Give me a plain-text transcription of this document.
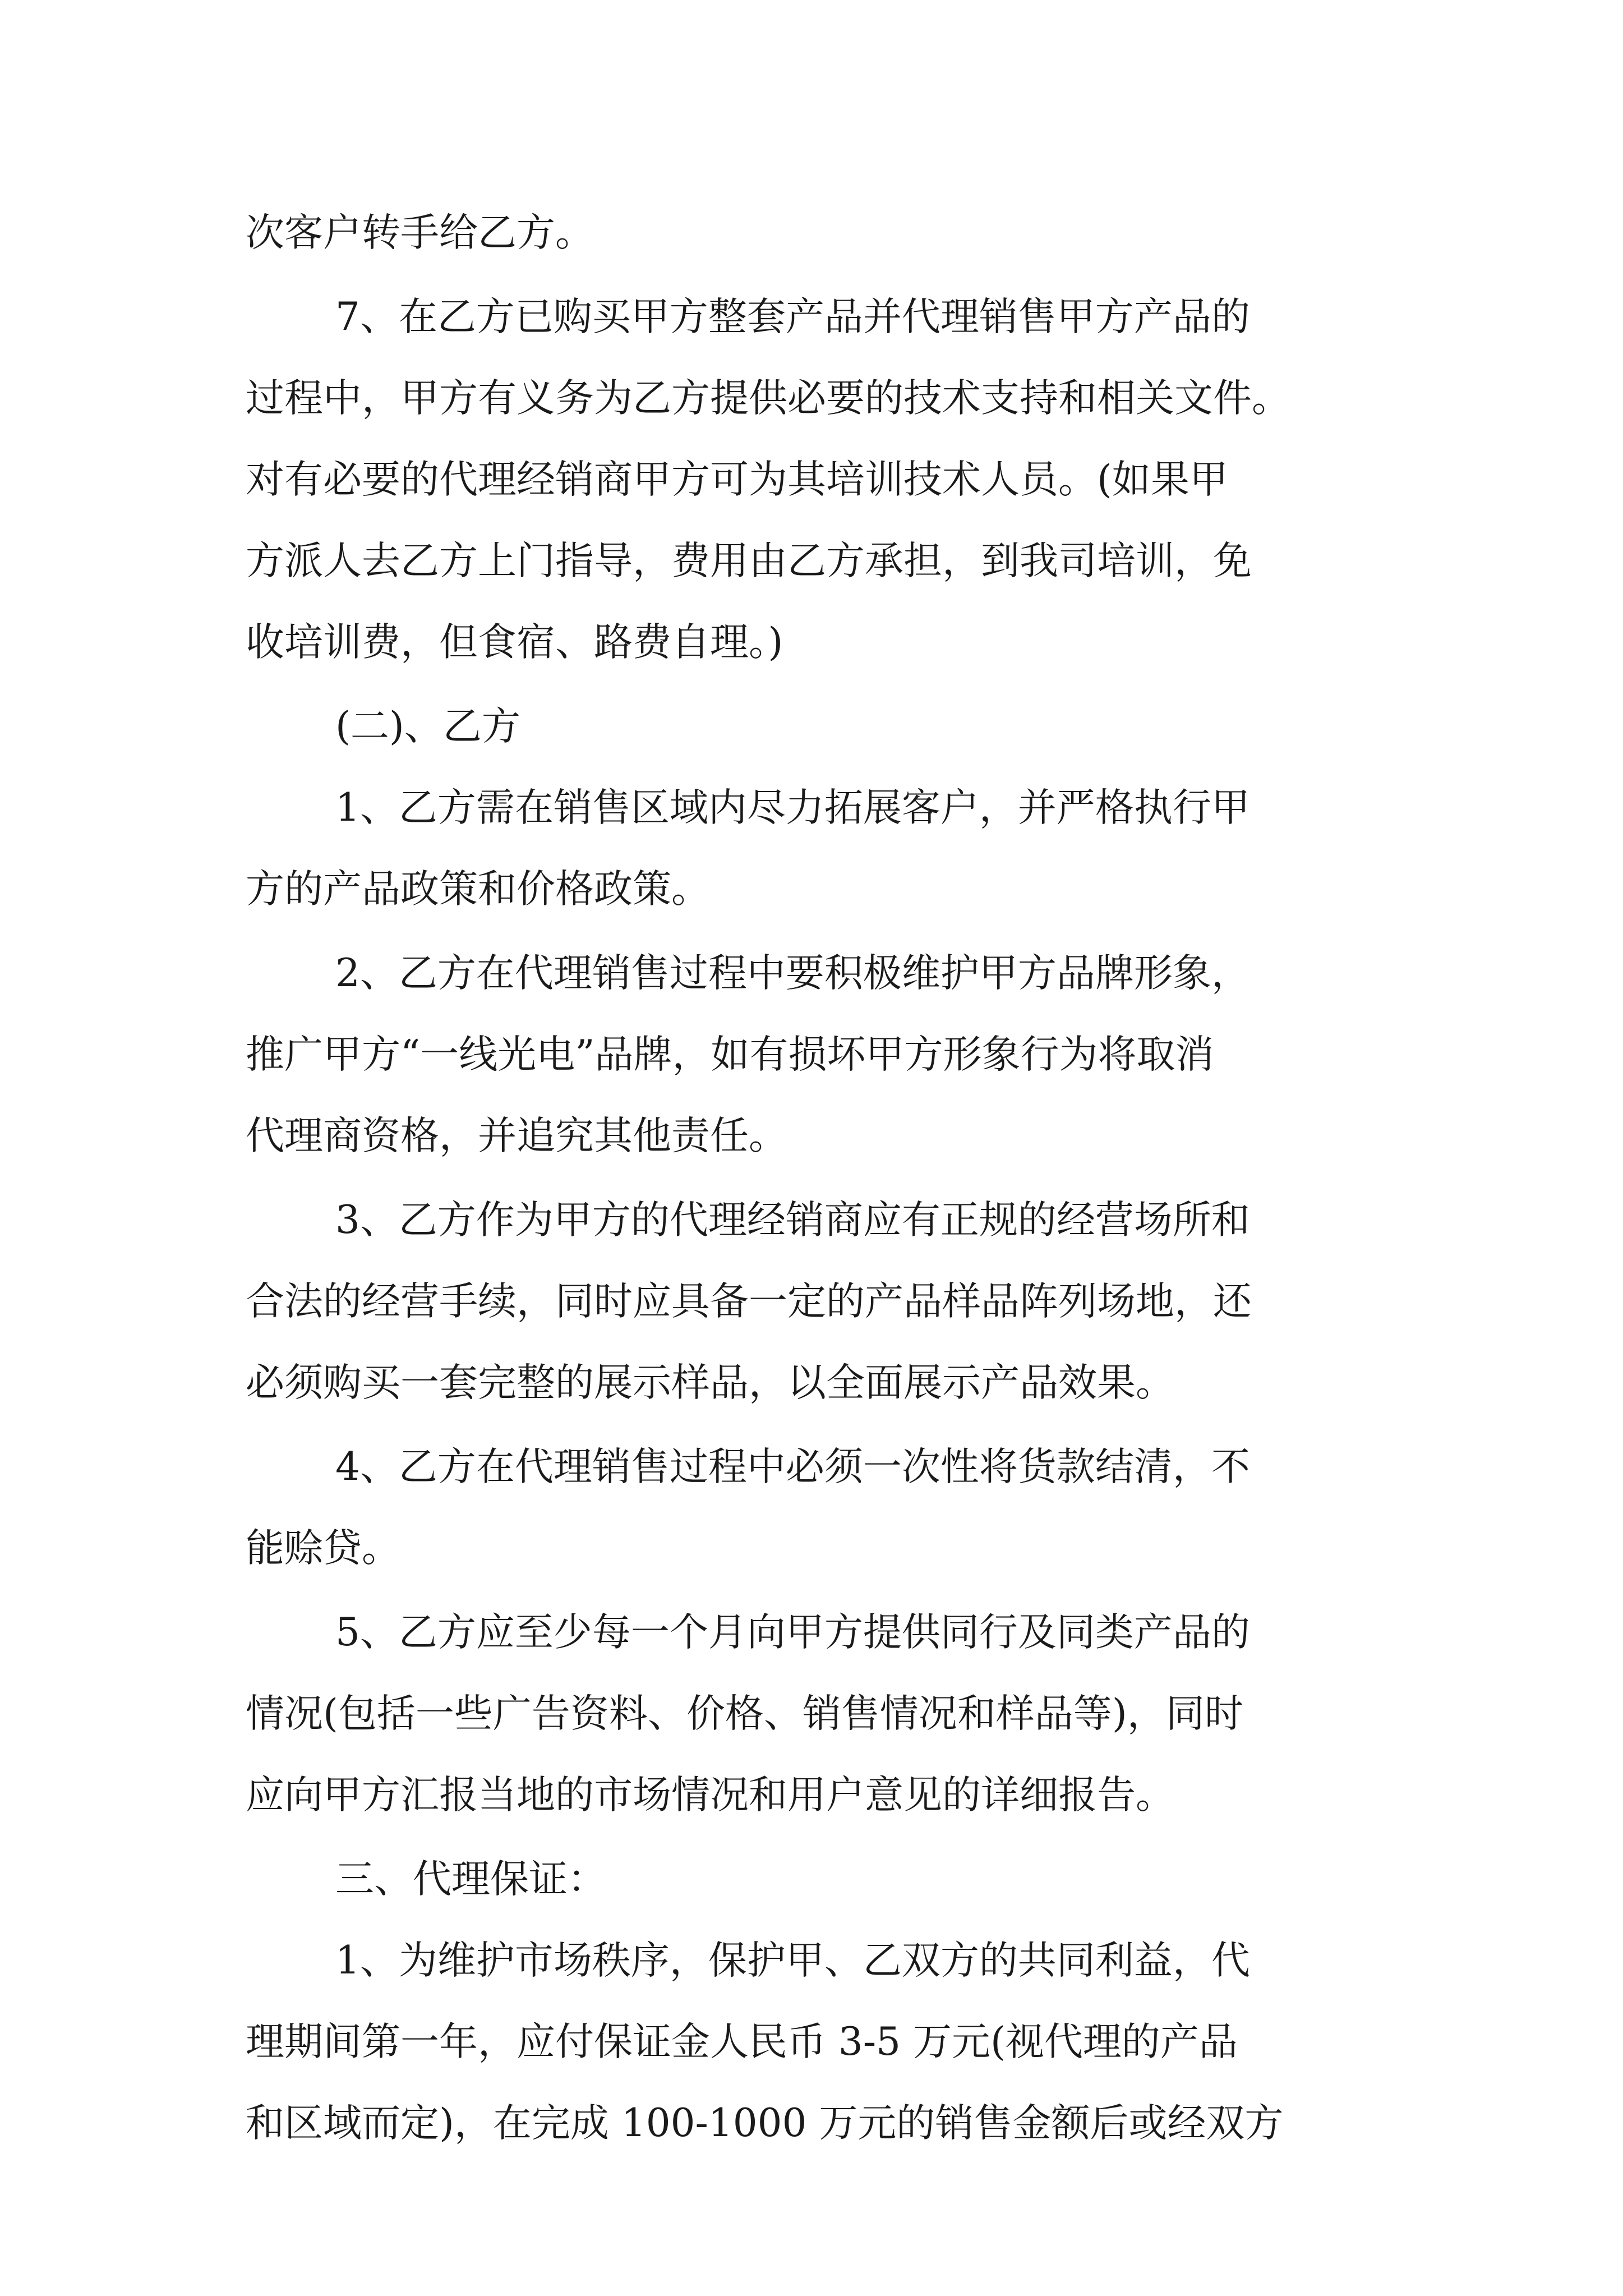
次客户转手给乙方。
7、在乙方已购买甲方整套产品并代理销售甲方产品的
过程中，甲方有义务为乙方提供必要的技术支持和相关文件。
对有必要的代理经销商甲方可为其培训技术人员。(如果甲
方派人去乙方上门指导，费用由乙方承担，到我司培训，免
收培训费，但食宿、路费自理。)
(二)、乙方
1、乙方需在销售区域内尽力拓展客户，并严格执行甲
方的产品政策和价格政策。
2、乙方在代理销售过程中要积极维护甲方品牌形象，
推广甲方“一线光电”品牌，如有损坏甲方形象行为将取消
代理商资格，并追究其他责任。
3、乙方作为甲方的代理经销商应有正规的经营场所和
合法的经营手续，同时应具备一定的产品样品阵列场地，还
必须购买一套完整的展示样品，以全面展示产品效果。
4、乙方在代理销售过程中必须一次性将货款结清，不
能赊贷。
5、乙方应至少每一个月向甲方提供同行及同类产品的
情况(包括一些广告资料、价格、销售情况和样品等)，同时
应向甲方汇报当地的市场情况和用户意见的详细报告。
三、代理保证：
1、为维护市场秩序，保护甲、乙双方的共同利益，代
理期间第一年，应付保证金人民币 3-5 万元(视代理的产品
和区域而定)，在完成 100-1000 万元的销售金额后或经双方
